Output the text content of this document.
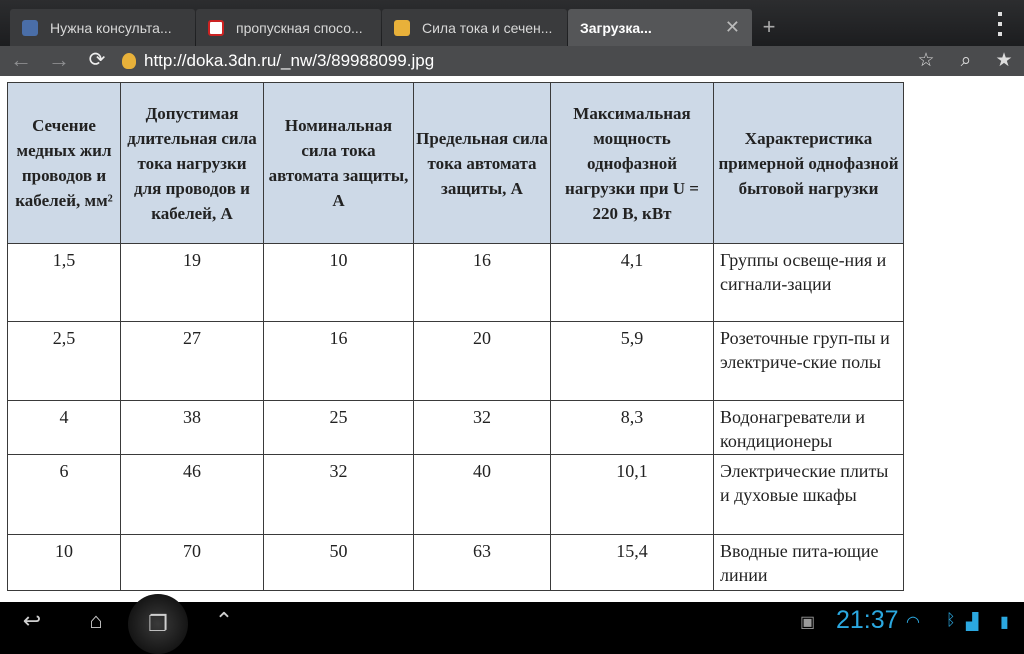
Нужна консульта...	пропускная спосо...	Сила тока и сечен... Загрузка...	✕	+
← → ⟳	http://doka.3dn.ru/_nw/3/89988099.jpg	☆	⌕	★
Сечение медных жил проводов и кабелей, мм²	Допустимая длительная сила тока нагрузки для проводов и кабелей, А	Номинальная сила тока автомата защиты, А	Предельная сила тока автомата защиты, А	Максимальная мощность однофазной нагрузки при U = 220 В, кВт	Характеристика примерной однофазной бытовой нагрузки
1,5	19	10	16	4,1	Группы освеще-ния и сигнали-зации
2,5	27	16	20	5,9	Розеточные груп-пы и электриче-ские полы
4	38	25	32	8,3	Водонагреватели и кондиционеры
6	46	32	40	10,1	Электрические плиты и духовые шкафы
10	70	50	63	15,4	Вводные пита-ющие линии
↩	⌂	❐	⌃	▣ 21:37 ◠ ᛒ ▟ ▮
